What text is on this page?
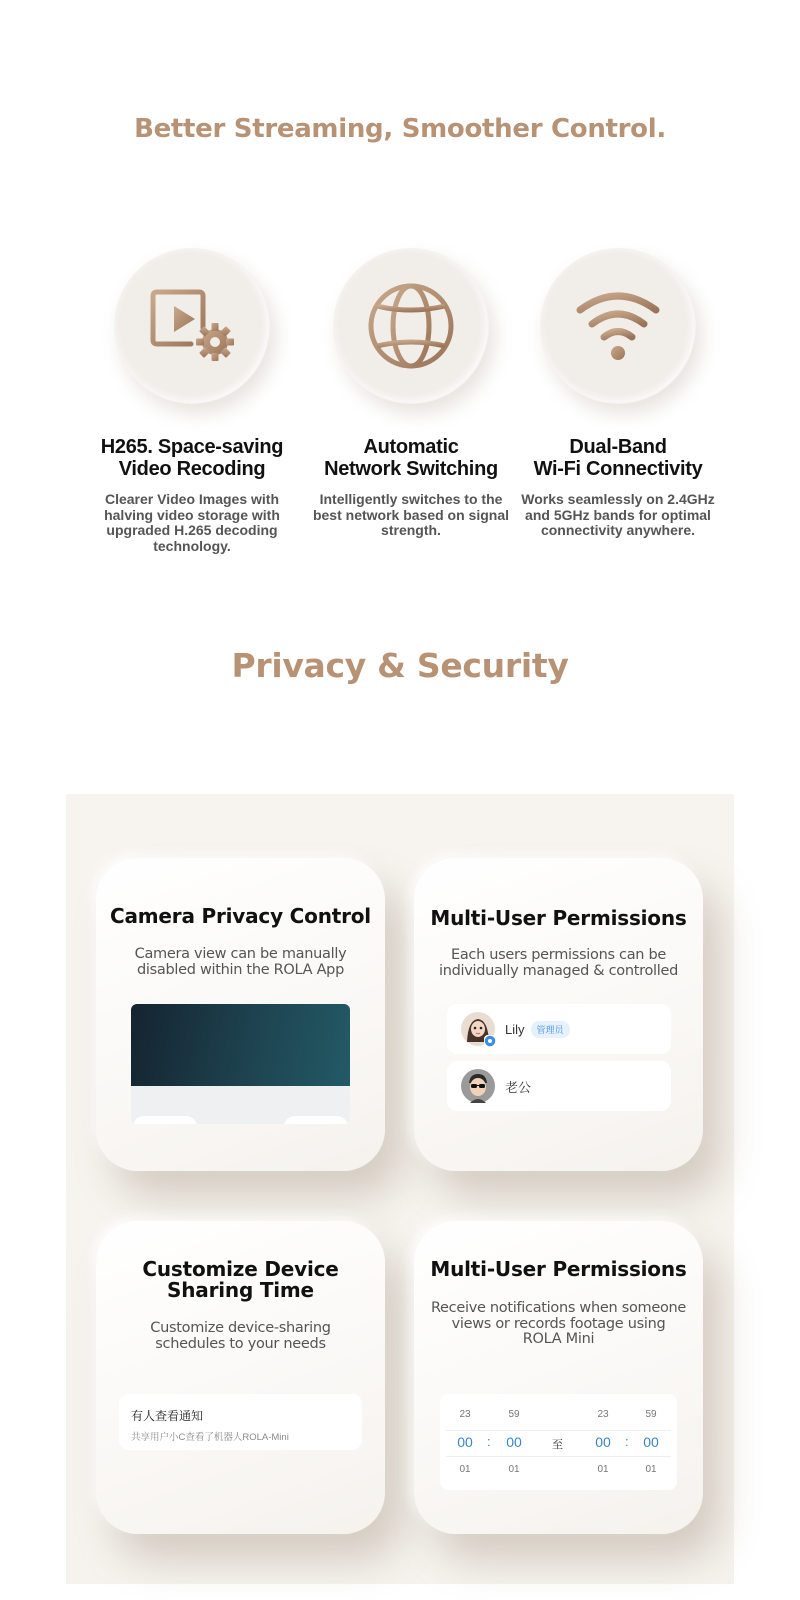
Better Streaming, Smoother Control.
H265. Space-saving
Video Recoding
Clearer Video Images with halving video storage with upgraded H.265 decoding technology.
Automatic
Network Switching
Intelligently switches to the best network based on signal strength.
Dual-Band
Wi-Fi Connectivity
Works seamlessly on 2.4GHz and 5GHz bands for optimal connectivity anywhere.
Privacy & Security
Camera Privacy Control
Camera view can be manually
disabled within the ROLA App
Multi-User Permissions
Each users permissions can be
individually managed & controlled
Lily	管理员
老公
Customize Device
Sharing Time
Customize device-sharing
schedules to your needs
有人查看通知
共享用户小C查看了机器人ROLA-Mini
Multi-User Permissions
Receive notifications when someone
views or records footage using
ROLA Mini
23
00
01
:
59
00
01
至
23
00
01
:
59
00
01
